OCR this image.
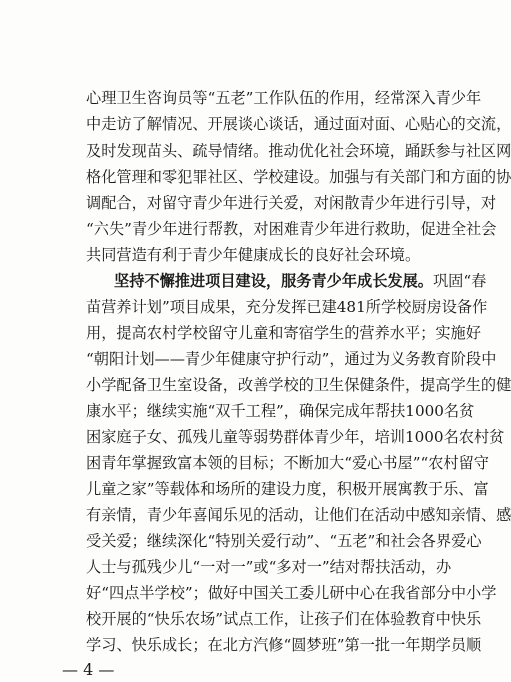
心理卫生咨询员等“五老”工作队伍的作用，经常深入青少年
中走访了解情况、开展谈心谈话，通过面对面、心贴心的交流，
及时发现苗头、疏导情绪。推动优化社会环境，踊跃参与社区网
格化管理和零犯罪社区、学校建设。加强与有关部门和方面的协
调配合，对留守青少年进行关爱，对闲散青少年进行引导，对
“六失”青少年进行帮教，对困难青少年进行救助，促进全社会
共同营造有利于青少年健康成长的良好社会环境。
坚持不懈推进项目建设，服务青少年成长发展。巩固“春
苗营养计划”项目成果，充分发挥已建481所学校厨房设备作
用，提高农村学校留守儿童和寄宿学生的营养水平；实施好
“朝阳计划——青少年健康守护行动”，通过为义务教育阶段中
小学配备卫生室设备，改善学校的卫生保健条件，提高学生的健
康水平；继续实施“双千工程”，确保完成年帮扶1000名贫
困家庭子女、孤残儿童等弱势群体青少年，培训1000名农村贫
困青年掌握致富本领的目标；不断加大“爱心书屋”“农村留守
儿童之家”等载体和场所的建设力度，积极开展寓教于乐、富
有亲情，青少年喜闻乐见的活动，让他们在活动中感知亲情、感
受关爱；继续深化“特别关爱行动”、“五老”和社会各界爱心
人士与孤残少儿“一对一”或“多对一”结对帮扶活动，办
好“四点半学校”；做好中国关工委儿研中心在我省部分中小学
校开展的“快乐农场”试点工作，让孩子们在体验教育中快乐
学习、快乐成长；在北方汽修“圆梦班”第一批一年期学员顺
— 4 —
